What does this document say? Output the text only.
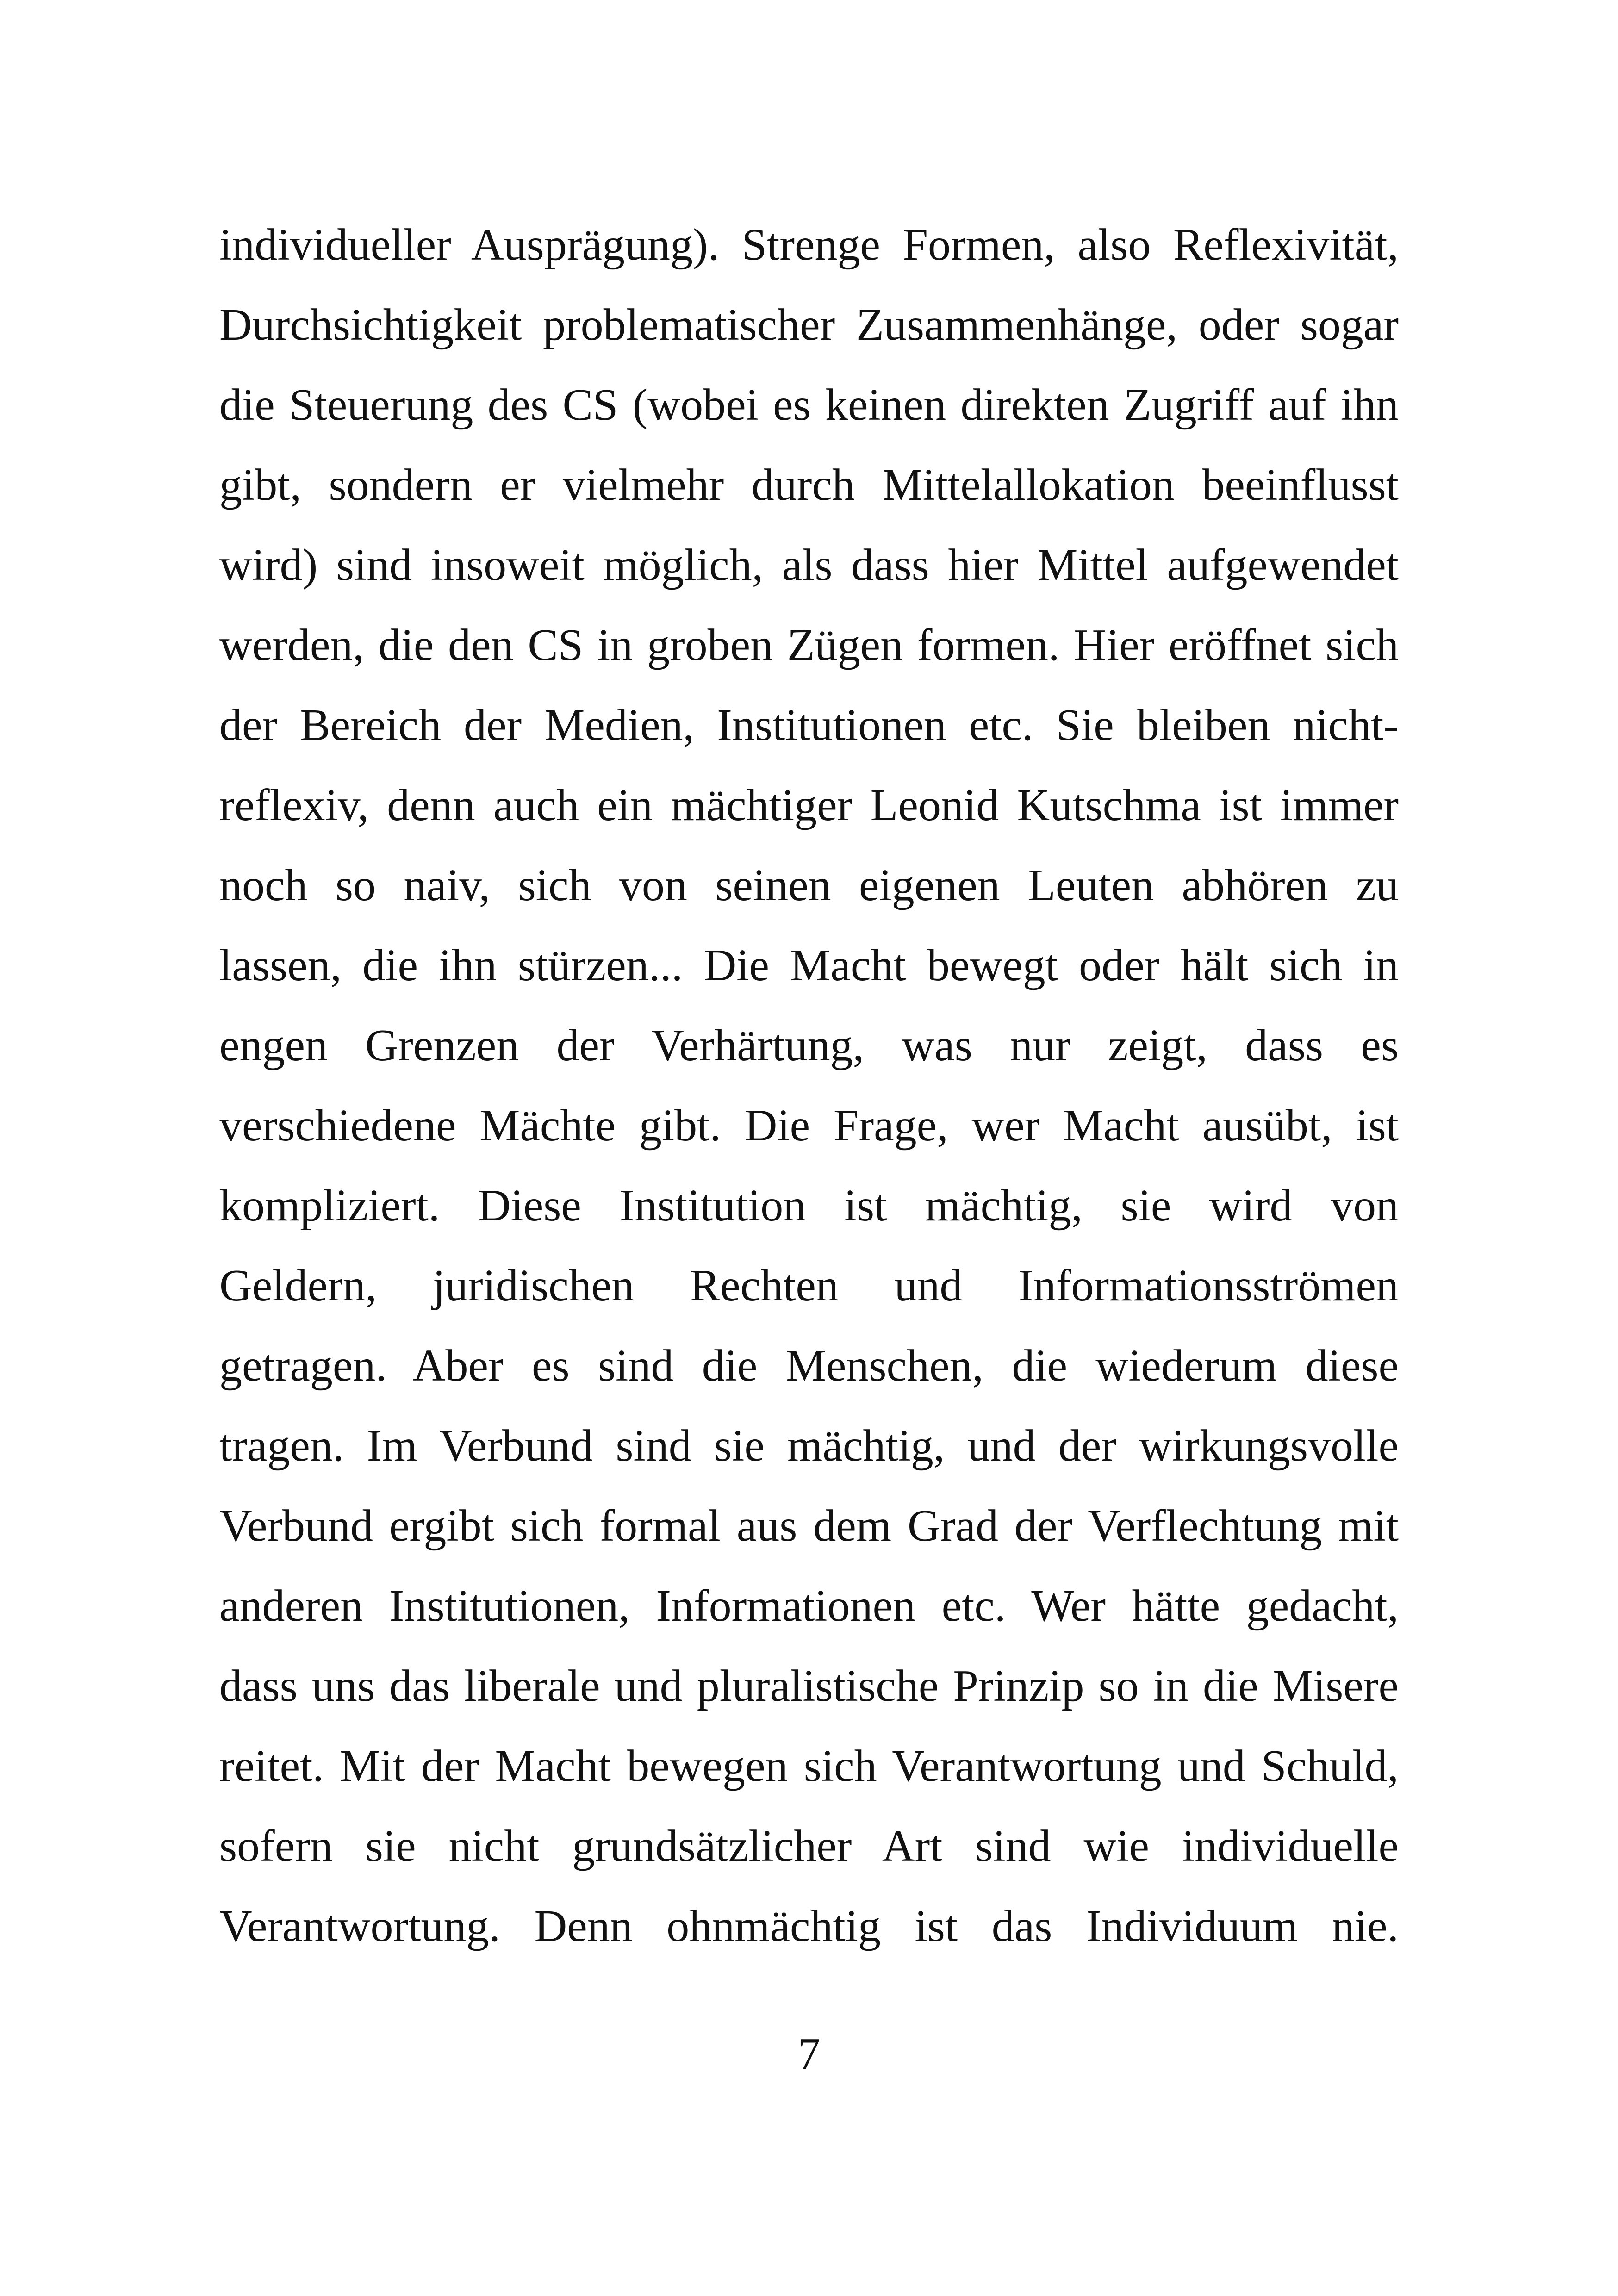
individueller Ausprägung). Strenge Formen, also Reflexivität,
Durchsichtigkeit problematischer Zusammenhänge, oder sogar
die Steuerung des CS (wobei es keinen direkten Zugriff auf ihn
gibt, sondern er vielmehr durch Mittelallokation beeinflusst
wird) sind insoweit möglich, als dass hier Mittel aufgewendet
werden, die den CS in groben Zügen formen. Hier eröffnet sich
der Bereich der Medien, Institutionen etc. Sie bleiben nicht-
reflexiv, denn auch ein mächtiger Leonid Kutschma ist immer
noch so naiv, sich von seinen eigenen Leuten abhören zu
lassen, die ihn stürzen... Die Macht bewegt oder hält sich in
engen Grenzen der Verhärtung, was nur zeigt, dass es
verschiedene Mächte gibt. Die Frage, wer Macht ausübt, ist
kompliziert. Diese Institution ist mächtig, sie wird von
Geldern, juridischen Rechten und Informationsströmen
getragen. Aber es sind die Menschen, die wiederum diese
tragen. Im Verbund sind sie mächtig, und der wirkungsvolle
Verbund ergibt sich formal aus dem Grad der Verflechtung mit
anderen Institutionen, Informationen etc. Wer hätte gedacht,
dass uns das liberale und pluralistische Prinzip so in die Misere
reitet. Mit der Macht bewegen sich Verantwortung und Schuld,
sofern sie nicht grundsätzlicher Art sind wie individuelle
Verantwortung. Denn ohnmächtig ist das Individuum nie.
7
